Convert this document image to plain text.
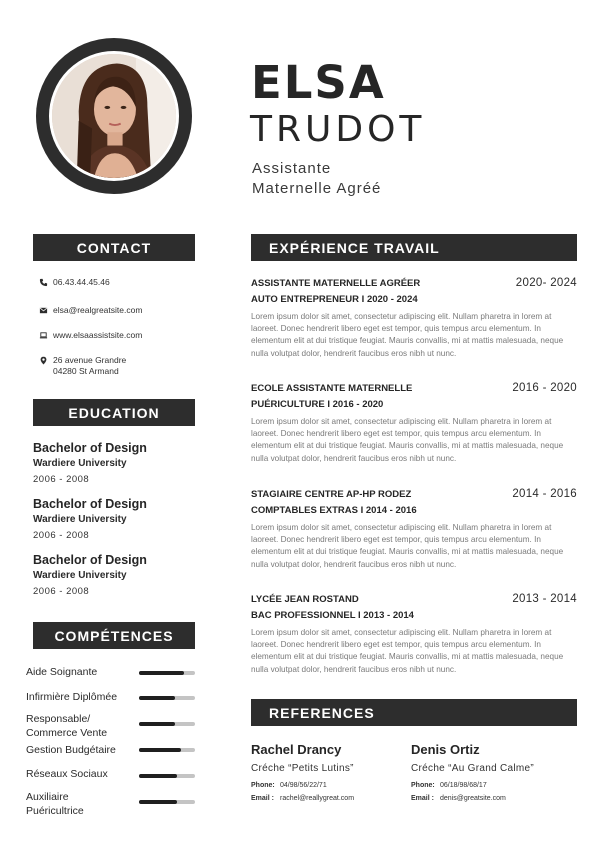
ELSA
TRUDOT
Assistante
Maternelle Agréé
CONTACT
06.43.44.45.46
elsa@realgreatsite.com
www.elsaassistsite.com
26 avenue Grandre
04280 St Armand
EDUCATION
Bachelor of Design
Wardiere University
2006 - 2008
Bachelor of Design
Wardiere University
2006 - 2008
Bachelor of Design
Wardiere University
2006 - 2008
COMPÉTENCES
Aide Soignante
Infirmière Diplômée
Responsable/
Commerce Vente
Gestion Budgétaire
Réseaux Sociaux
Auxiliaire
Puéricultrice
EXPÉRIENCE TRAVAIL
ASSISTANTE MATERNELLE AGRÉER	2020- 2024
AUTO ENTREPRENEUR I 2020 - 2024
Lorem ipsum dolor sit amet, consectetur adipiscing elit. Nullam pharetra in lorem at laoreet. Donec hendrerit libero eget est tempor, quis tempus arcu elementum. In elementum elit at dui tristique feugiat. Mauris convallis, mi at mattis malesuada, neque nulla volutpat dolor, hendrerit faucibus eros nibh ut nunc.
ECOLE ASSISTANTE MATERNELLE	2016 - 2020
PUÉRICULTURE I 2016 - 2020
Lorem ipsum dolor sit amet, consectetur adipiscing elit. Nullam pharetra in lorem at laoreet. Donec hendrerit libero eget est tempor, quis tempus arcu elementum. In elementum elit at dui tristique feugiat. Mauris convallis, mi at mattis malesuada, neque nulla volutpat dolor, hendrerit faucibus eros nibh ut nunc.
STAGIAIRE CENTRE AP-HP RODEZ	2014 - 2016
COMPTABLES EXTRAS I 2014 - 2016
Lorem ipsum dolor sit amet, consectetur adipiscing elit. Nullam pharetra in lorem at laoreet. Donec hendrerit libero eget est tempor, quis tempus arcu elementum. In elementum elit at dui tristique feugiat. Mauris convallis, mi at mattis malesuada, neque nulla volutpat dolor, hendrerit faucibus eros nibh ut nunc.
LYCÉE JEAN ROSTAND	2013 - 2014
BAC PROFESSIONNEL I 2013 - 2014
Lorem ipsum dolor sit amet, consectetur adipiscing elit. Nullam pharetra in lorem at laoreet. Donec hendrerit libero eget est tempor, quis tempus arcu elementum. In elementum elit at dui tristique feugiat. Mauris convallis, mi at mattis malesuada, neque nulla volutpat dolor, hendrerit faucibus eros nibh ut nunc.
REFERENCES
Rachel Drancy
Créche “Petits Lutins”
Phone: 04/98/56/22/71
Email : rachel@reallygreat.com
Denis Ortiz
Créche “Au Grand Calme”
Phone: 06/18/98/68/17
Email : denis@greatsite.com
